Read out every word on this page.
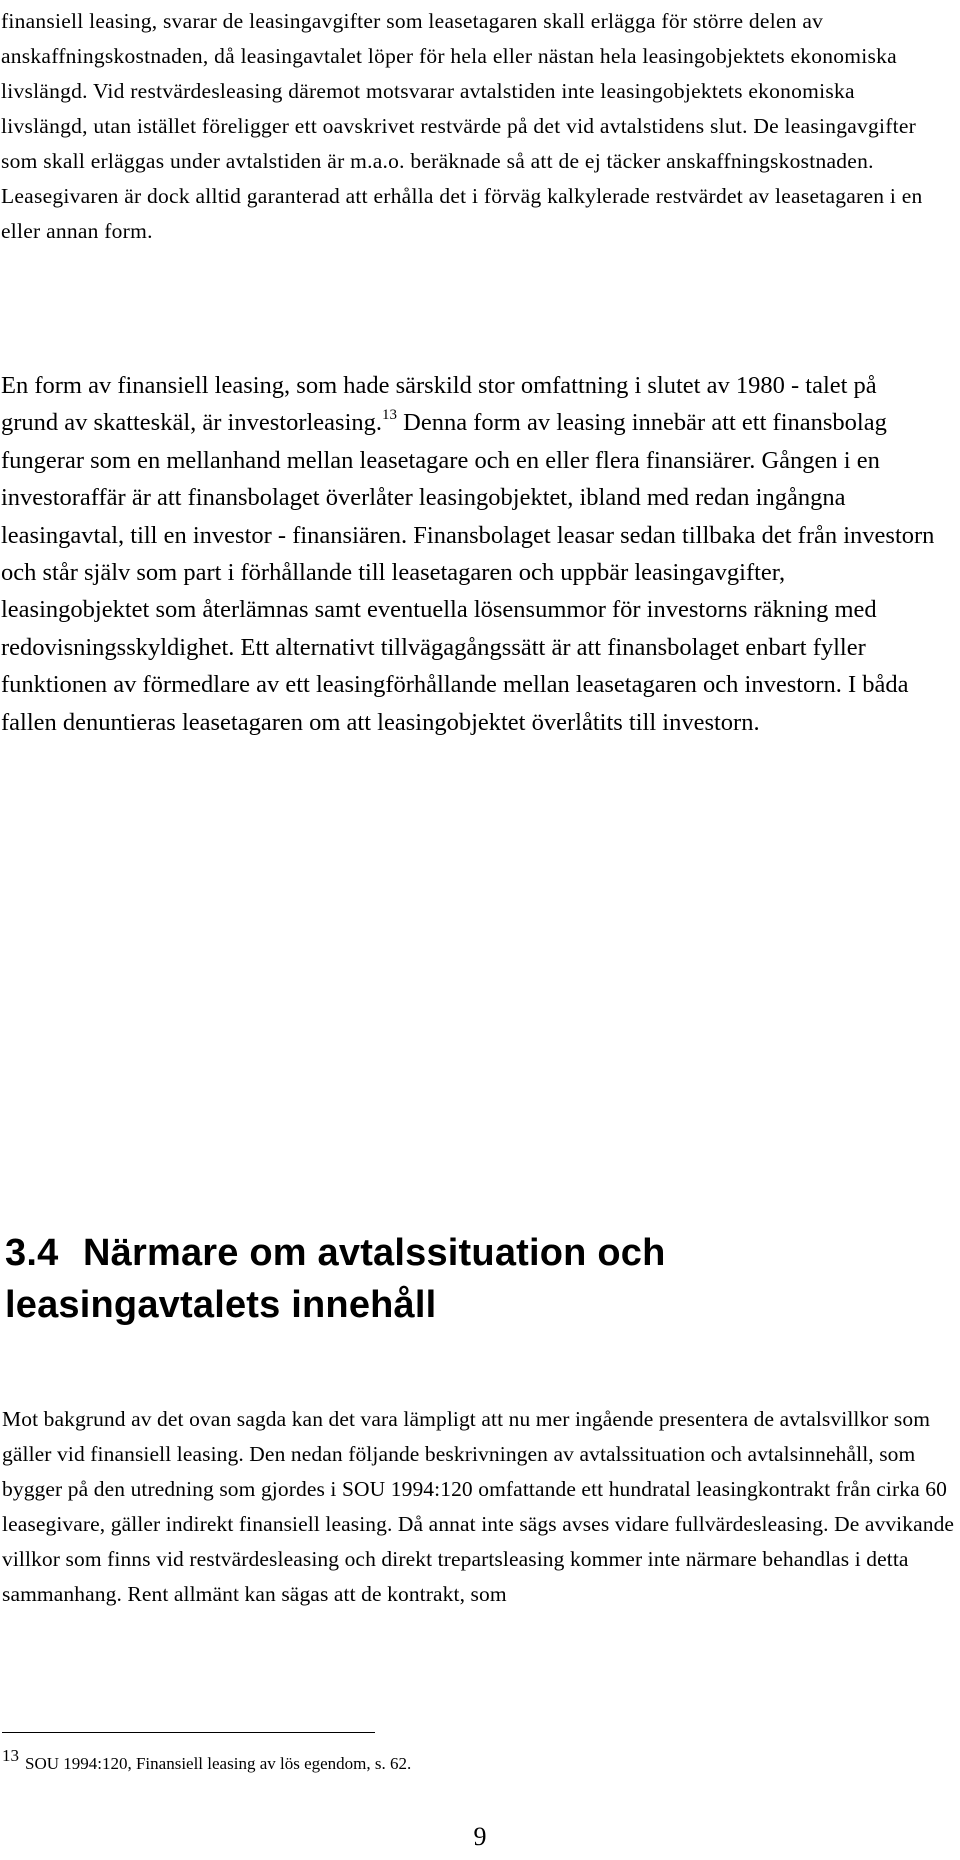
finansiell leasing, svarar de leasingavgifter som leasetagaren skall erlägga för större delen av anskaffningskostnaden, då leasingavtalet löper för hela eller nästan hela leasingobjektets ekonomiska livslängd. Vid restvärdesleasing däremot motsvarar avtalstiden inte leasingobjektets ekonomiska livslängd, utan istället föreligger ett oavskrivet restvärde på det vid avtalstidens slut. De leasingavgifter som skall erläggas under avtalstiden är m.a.o. beräknade så att de ej täcker anskaffningskostnaden. Leasegivaren är dock alltid garanterad att erhålla det i förväg kalkylerade restvärdet av leasetagaren i en eller annan form.

En form av finansiell leasing, som hade särskild stor omfattning i slutet av 1980 - talet på grund av skatteskäl, är investorleasing.$^{13}$ Denna form av leasing innebär att ett finansbolag fungerar som en mellanhand mellan leasetagare och en eller flera finansiärer. Gången i en investoraffär är att finansbolaget överlåter leasingobjektet, ibland med redan ingångna leasingavtal, till en investor - finansiären. Finansbolaget leasar sedan tillbaka det från investorn och står själv som part i förhållande till leasetagaren och uppbär leasingavgifter, leasingobjektet som återlämnas samt eventuella lösensummor för investorns räkning med redovisningsskyldighet. Ett alternativt tillvägagångssätt är att finansbolaget enbart fyller funktionen av förmedlare av ett leasingförhållande mellan leasetagaren och investorn. I båda fallen denuntieras leasetagaren om att leasingobjektet överlåtits till investorn.

3.4 Närmare om avtalssituation och leasingavtalets innehåll

Mot bakgrund av det ovan sagda kan det vara lämpligt att nu mer ingående presentera de avtalsvillkor som gäller vid finansiell leasing. Den nedan följande beskrivningen av avtalssituation och avtalsinnehåll, som bygger på den utredning som gjordes i SOU 1994:120 omfattande ett hundratal leasingkontrakt från cirka 60 leasegivare, gäller indirekt finansiell leasing. Då annat inte sägs avses vidare fullvärdesleasing. De avvikande villkor som finns vid restvärdesleasing och direkt trepartsleasing kommer inte närmare behandlas i detta sammanhang. Rent allmänt kan sägas att de kontrakt, som

13 SOU 1994:120, Finansiell leasing av lös egendom, s. 62.

9
